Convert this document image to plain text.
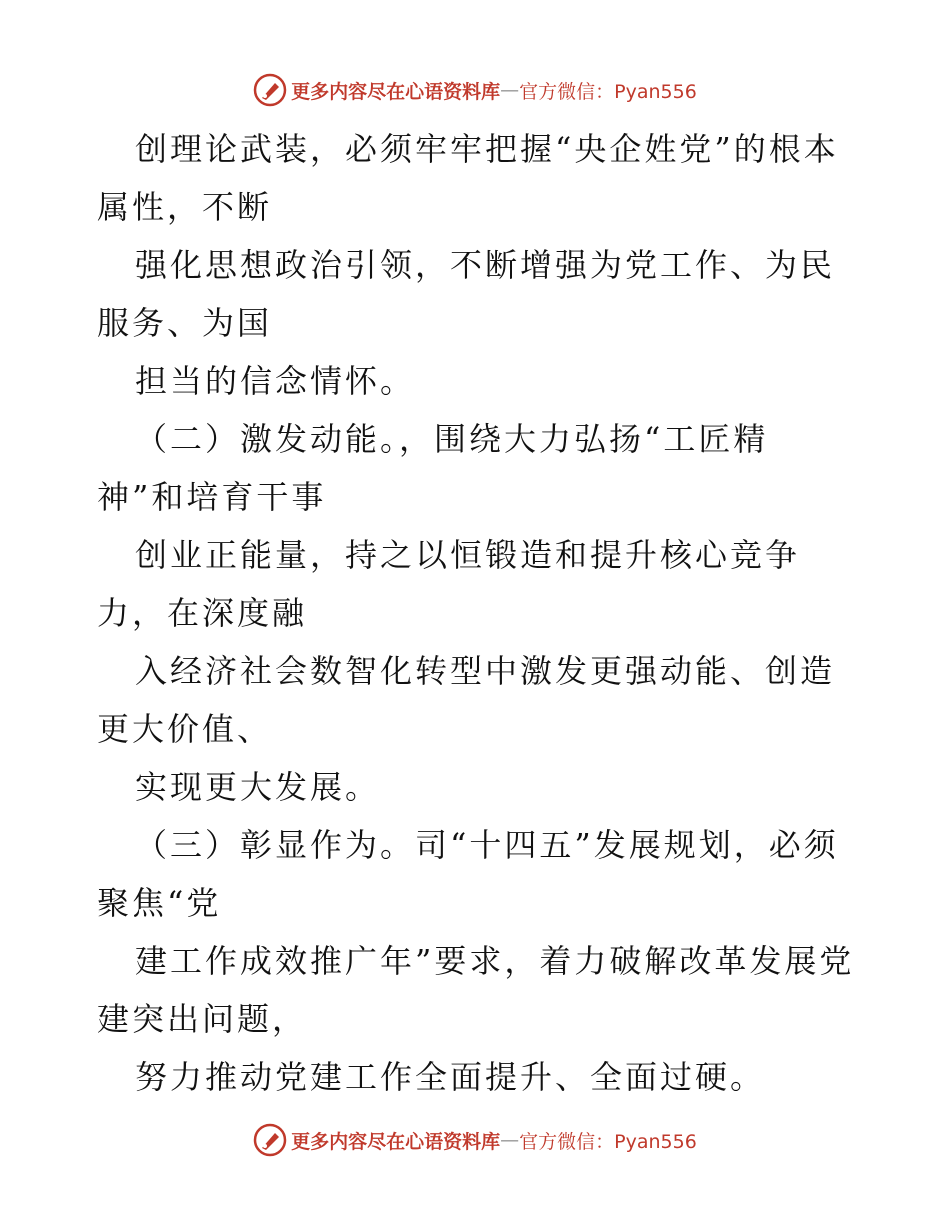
更多内容尽在心语资料库 — 官方微信：Pyan556

创理论武装，必须牢牢把握“央企姓党”的根本属性，不断

强化思想政治引领，不断增强为党工作、为民服务、为国

担当的信念情怀。

（二）激发动能。，围绕大力弘扬“工匠精 神”和培育干事

创业正能量，持之以恒锻造和提升核心竞争力，在深度融

入经济社会数智化转型中激发更强动能、创造更大价值、

实现更大发展。

（三）彰显作为。司“十四五”发展规划，必须聚焦“党

建工作成效推广年”要求，着力破解改革发展党建突出问题，

努力推动党建工作全面提升、全面过硬。

更多内容尽在心语资料库 — 官方微信：Pyan556
